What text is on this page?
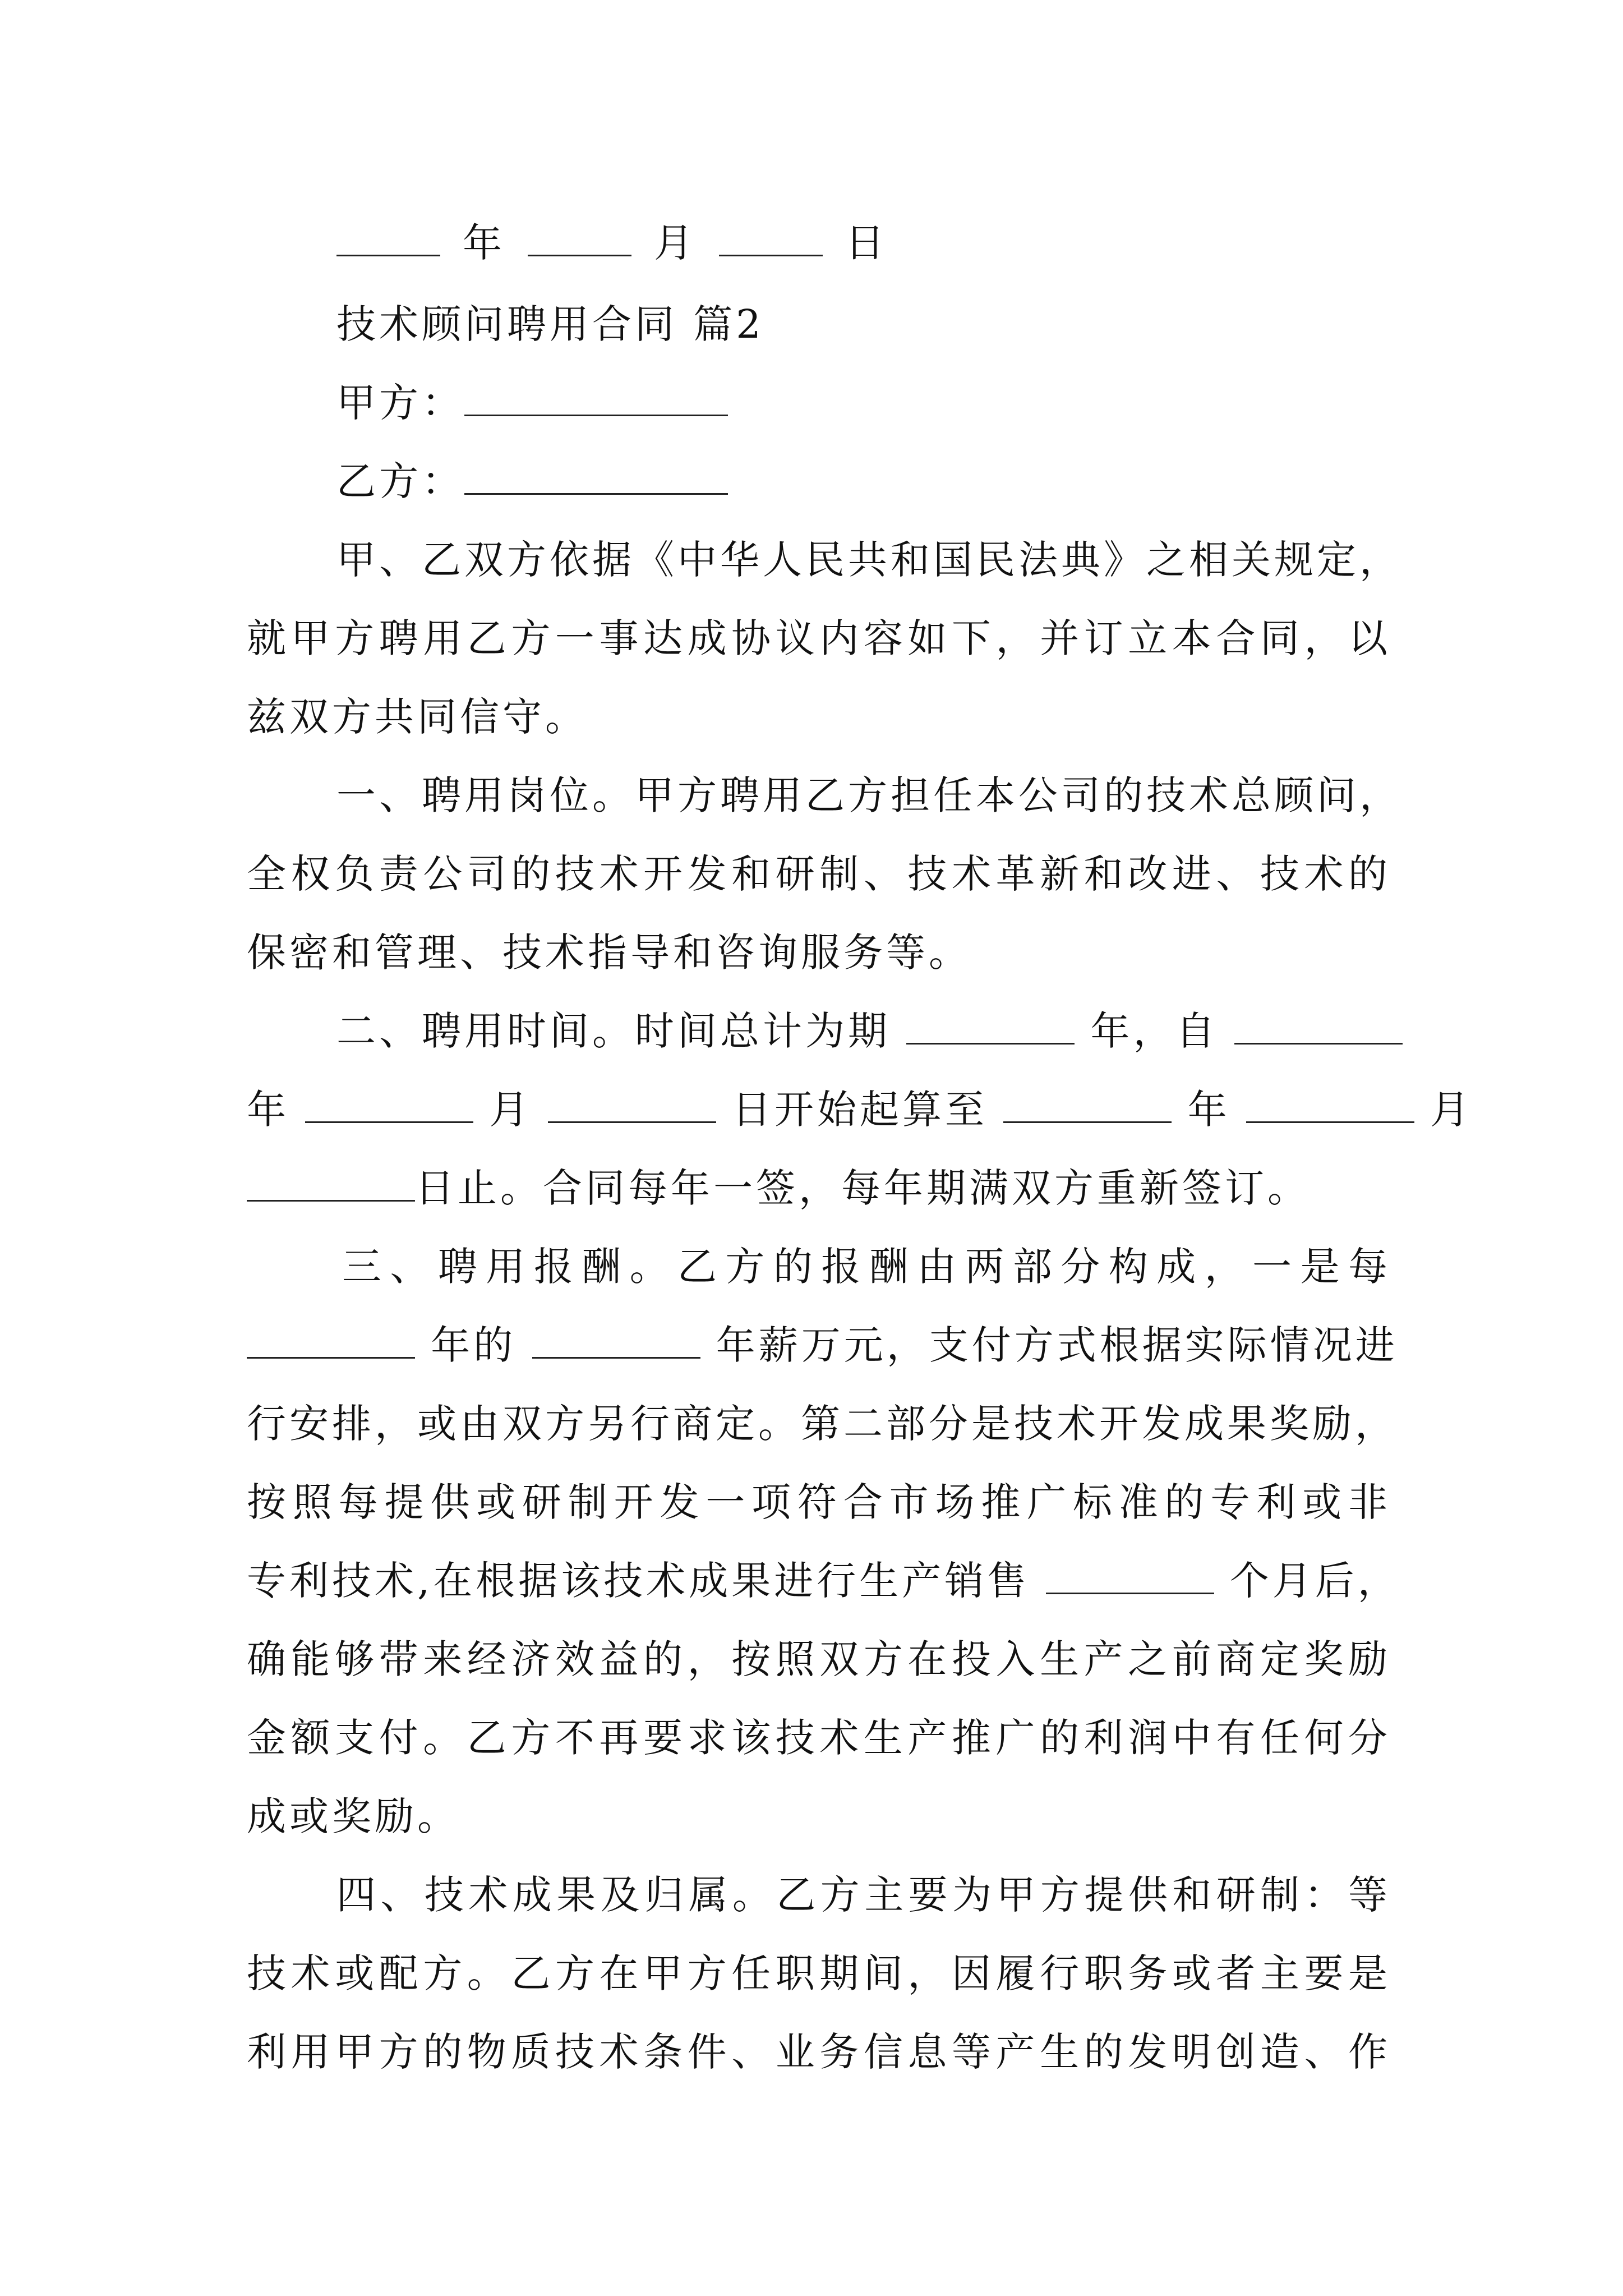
年	月	日
技术顾问聘用合同 篇2
甲方：
乙方：
甲、乙双方依据《中华人民共和国民法典》之相关规定，
就甲方聘用乙方一事达成协议内容如下，并订立本合同，以
兹双方共同信守。
一、聘用岗位。甲方聘用乙方担任本公司的技术总顾问，
全权负责公司的技术开发和研制、技术革新和改进、技术的
保密和管理、技术指导和咨询服务等。
二、聘用时间。时间总计为期	年，自
年	月	日开始起算至	年	月
日止。合同每年一签，每年期满双方重新签订。
三、聘用报酬。乙方的报酬由两部分构成，一是每
年的	年薪万元，支付方式根据实际情况进
行安排，或由双方另行商定。第二部分是技术开发成果奖励，
按照每提供或研制开发一项符合市场推广标准的专利或非
专利技术,在根据该技术成果进行生产销售	个月后，
确能够带来经济效益的，按照双方在投入生产之前商定奖励
金额支付。乙方不再要求该技术生产推广的利润中有任何分
成或奖励。
四、技术成果及归属。乙方主要为甲方提供和研制：等
技术或配方。乙方在甲方任职期间，因履行职务或者主要是
利用甲方的物质技术条件、业务信息等产生的发明创造、作
